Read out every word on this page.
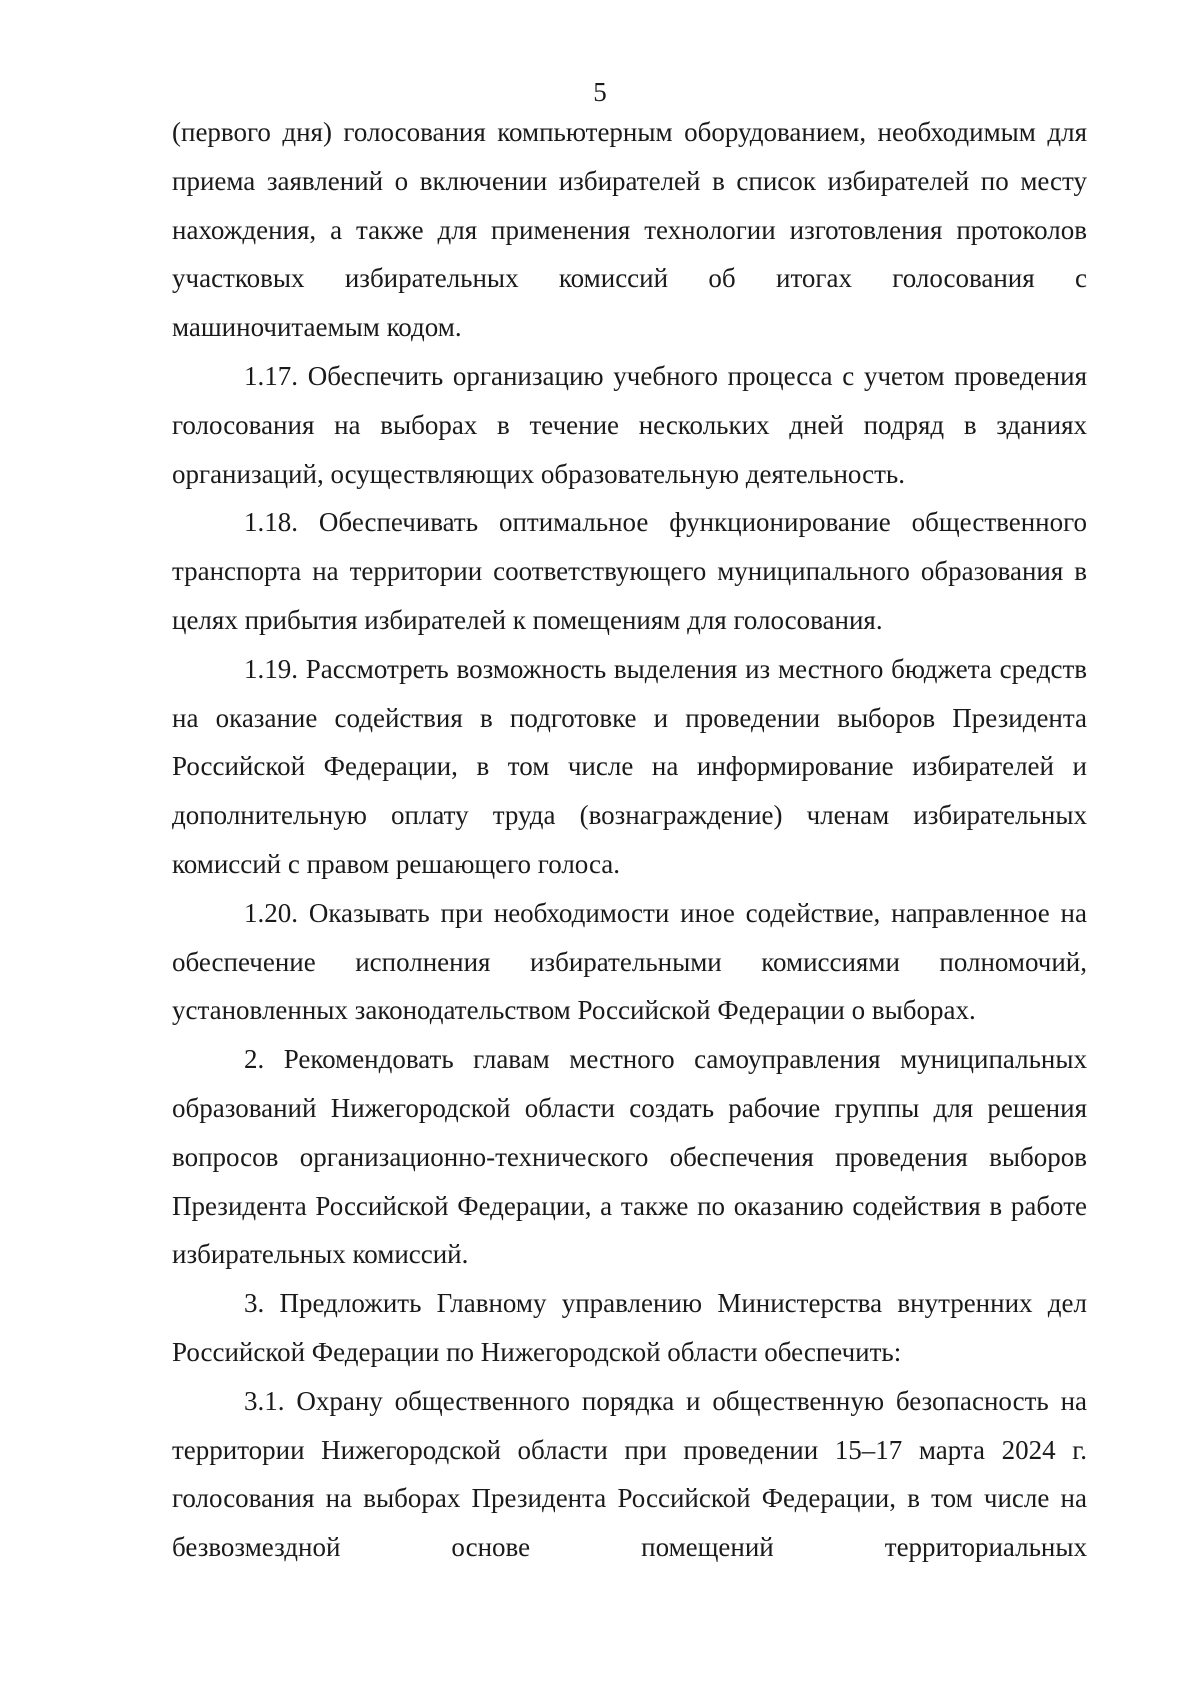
5

(первого дня) голосования компьютерным оборудованием, необходимым для приема заявлений о включении избирателей в список избирателей по месту нахождения, а также для применения технологии изготовления протоколов участковых избирательных комиссий об итогах голосования с машиночитаемым кодом.

1.17. Обеспечить организацию учебного процесса с учетом проведения голосования на выборах в течение нескольких дней подряд в зданиях организаций, осуществляющих образовательную деятельность.

1.18. Обеспечивать оптимальное функционирование общественного транспорта на территории соответствующего муниципального образования в целях прибытия избирателей к помещениям для голосования.

1.19. Рассмотреть возможность выделения из местного бюджета средств на оказание содействия в подготовке и проведении выборов Президента Российской Федерации, в том числе на информирование избирателей и дополнительную оплату труда (вознаграждение) членам избирательных комиссий с правом решающего голоса.

1.20. Оказывать при необходимости иное содействие, направленное на обеспечение исполнения избирательными комиссиями полномочий, установленных законодательством Российской Федерации о выборах.

2. Рекомендовать главам местного самоуправления муниципальных образований Нижегородской области создать рабочие группы для решения вопросов организационно-технического обеспечения проведения выборов Президента Российской Федерации, а также по оказанию содействия в работе избирательных комиссий.

3. Предложить Главному управлению Министерства внутренних дел Российской Федерации по Нижегородской области обеспечить:

3.1. Охрану общественного порядка и общественную безопасность на территории Нижегородской области при проведении 15–17 марта 2024 г. голосования на выборах Президента Российской Федерации, в том числе на безвозмездной основе помещений территориальных
